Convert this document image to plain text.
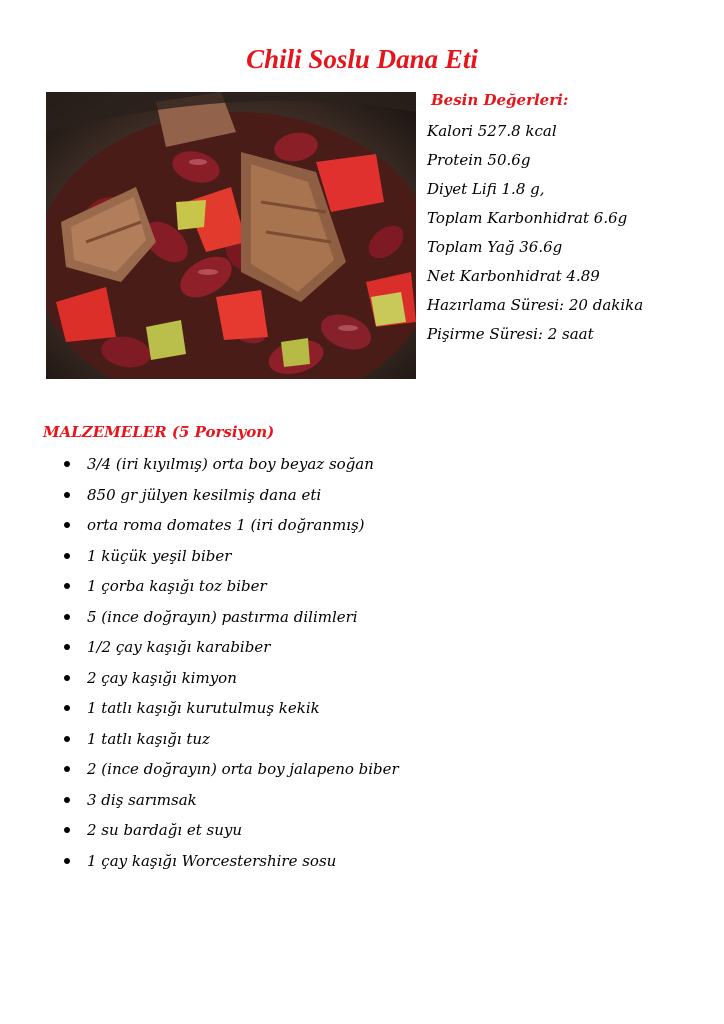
Chili Soslu Dana Eti
Besin Değerleri:
Kalori 527.8 kcal
Protein 50.6g
Diyet Lifi 1.8 g,
Toplam Karbonhidrat 6.6g
Toplam Yağ 36.6g
Net Karbonhidrat 4.89
Hazırlama Süresi: 20 dakika
Pişirme Süresi: 2 saat
MALZEMELER (5 Porsiyon)
3/4 (iri kıyılmış) orta boy beyaz soğan
850 gr jülyen kesilmiş dana eti
orta roma domates 1 (iri doğranmış)
1 küçük yeşil biber
1 çorba kaşığı toz biber
5 (ince doğrayın) pastırma dilimleri
1/2 çay kaşığı karabiber
2 çay kaşığı kimyon
1 tatlı kaşığı kurutulmuş kekik
1 tatlı kaşığı tuz
2 (ince doğrayın) orta boy jalapeno biber
3 diş sarımsak
2 su bardağı et suyu
1 çay kaşığı Worcestershire sosu
